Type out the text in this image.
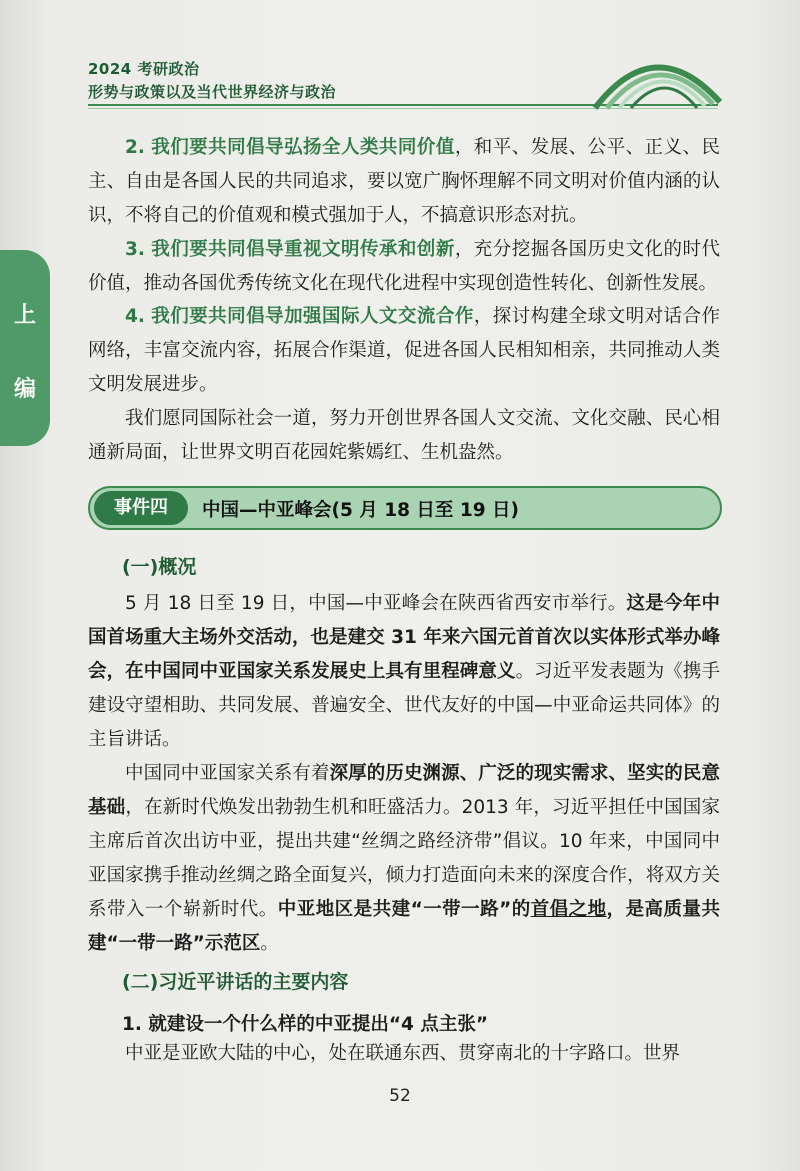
2024 考研政治
形势与政策以及当代世界经济与政治
上
编

2. 我们要共同倡导弘扬全人类共同价值，和平、发展、公平、正义、民主、自由是各国人民的共同追求，要以宽广胸怀理解不同文明对价值内涵的认识，不将自己的价值观和模式强加于人，不搞意识形态对抗。

3. 我们要共同倡导重视文明传承和创新，充分挖掘各国历史文化的时代价值，推动各国优秀传统文化在现代化进程中实现创造性转化、创新性发展。

4. 我们要共同倡导加强国际人文交流合作，探讨构建全球文明对话合作网络，丰富交流内容，拓展合作渠道，促进各国人民相知相亲，共同推动人类文明发展进步。

我们愿同国际社会一道，努力开创世界各国人文交流、文化交融、民心相通新局面，让世界文明百花园姹紫嫣红、生机盎然。

事件四	中国—中亚峰会(5 月 18 日至 19 日)
(一)概况

5 月 18 日至 19 日，中国—中亚峰会在陕西省西安市举行。这是今年中国首场重大主场外交活动，也是建交 31 年来六国元首首次以实体形式举办峰会，在中国同中亚国家关系发展史上具有里程碑意义。习近平发表题为《携手建设守望相助、共同发展、普遍安全、世代友好的中国—中亚命运共同体》的主旨讲话。

中国同中亚国家关系有着深厚的历史渊源、广泛的现实需求、坚实的民意基础，在新时代焕发出勃勃生机和旺盛活力。2013 年，习近平担任中国国家主席后首次出访中亚，提出共建“丝绸之路经济带”倡议。10 年来，中国同中亚国家携手推动丝绸之路全面复兴，倾力打造面向未来的深度合作，将双方关系带入一个崭新时代。中亚地区是共建“一带一路”的首倡之地，是高质量共建“一带一路”示范区。

(二)习近平讲话的主要内容
1. 就建设一个什么样的中亚提出“4 点主张”

中亚是亚欧大陆的中心，处在联通东西、贯穿南北的十字路口。世界

52
